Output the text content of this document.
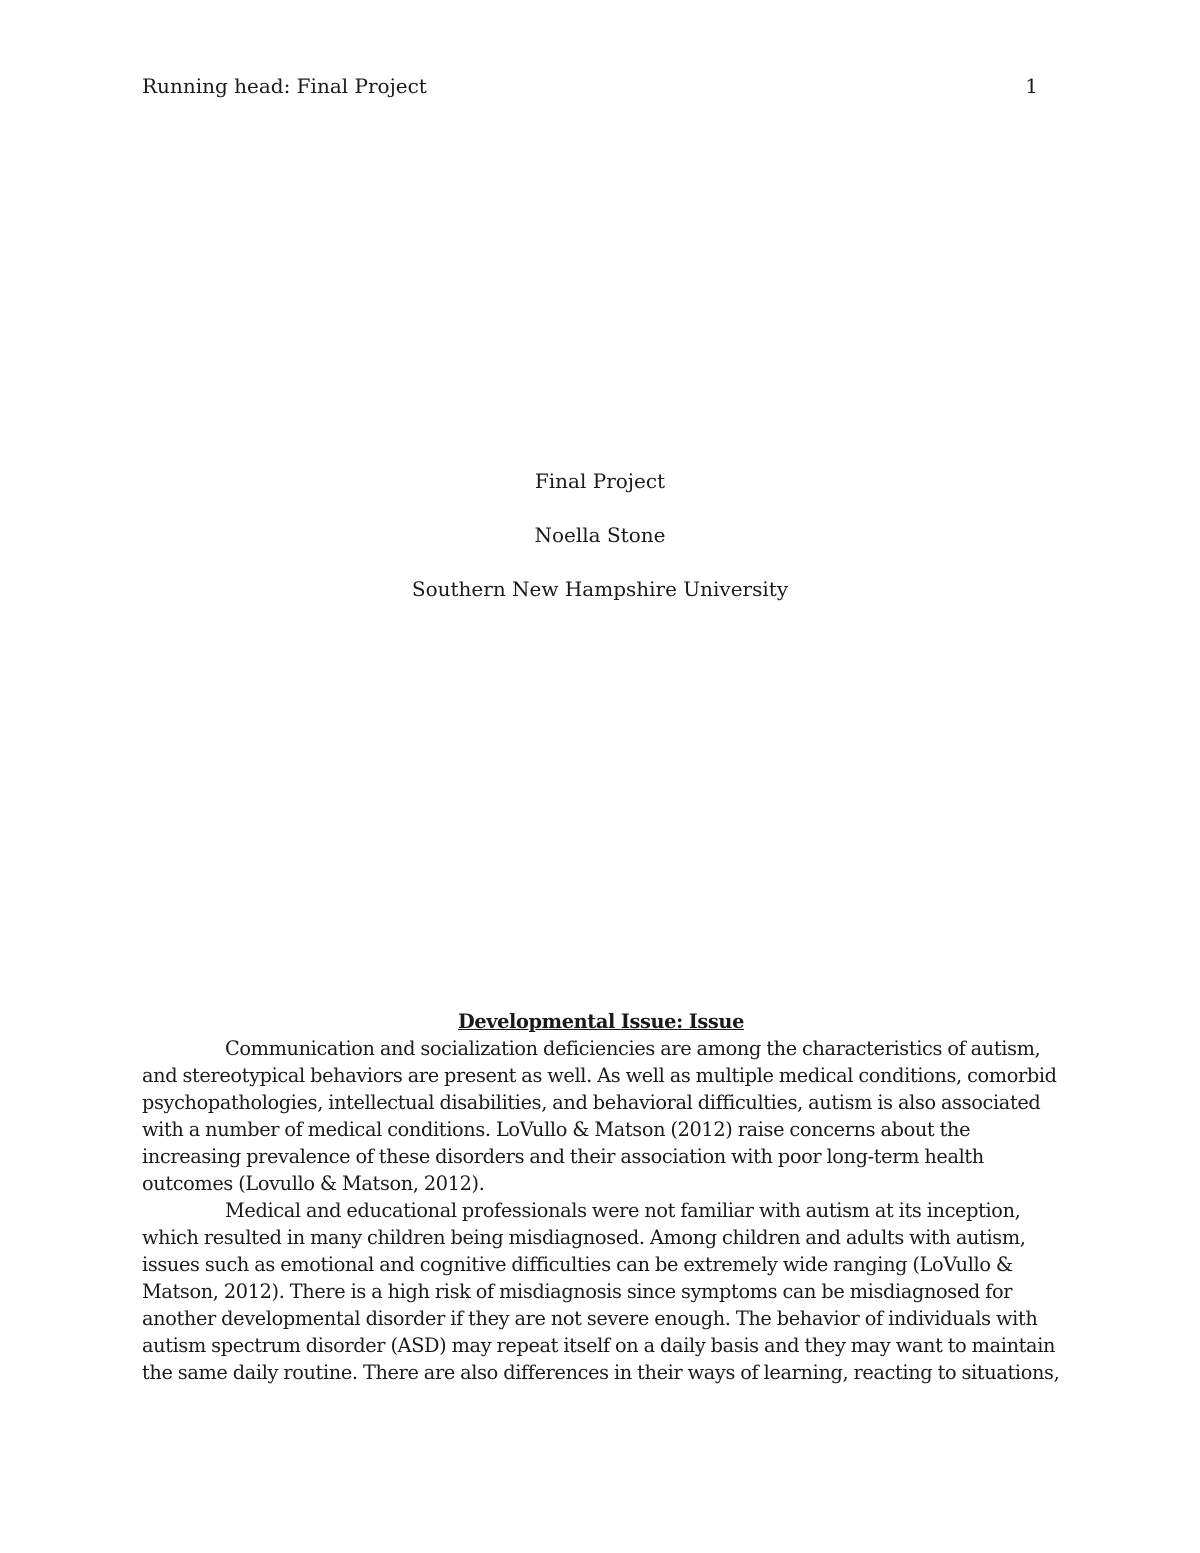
Running head: Final Project	1
Final Project
Noella Stone
Southern New Hampshire University

Developmental Issue: Issue

Communication and socialization deficiencies are among the characteristics of autism, and stereotypical behaviors are present as well. As well as multiple medical conditions, comorbid psychopathologies, intellectual disabilities, and behavioral difficulties, autism is also associated with a number of medical conditions. LoVullo & Matson (2012) raise concerns about the increasing prevalence of these disorders and their association with poor long-term health outcomes (Lovullo & Matson, 2012).

Medical and educational professionals were not familiar with autism at its inception, which resulted in many children being misdiagnosed. Among children and adults with autism, issues such as emotional and cognitive difficulties can be extremely wide ranging (LoVullo & Matson, 2012). There is a high risk of misdiagnosis since symptoms can be misdiagnosed for another developmental disorder if they are not severe enough. The behavior of individuals with autism spectrum disorder (ASD) may repeat itself on a daily basis and they may want to maintain the same daily routine. There are also differences in their ways of learning, reacting to situations,
